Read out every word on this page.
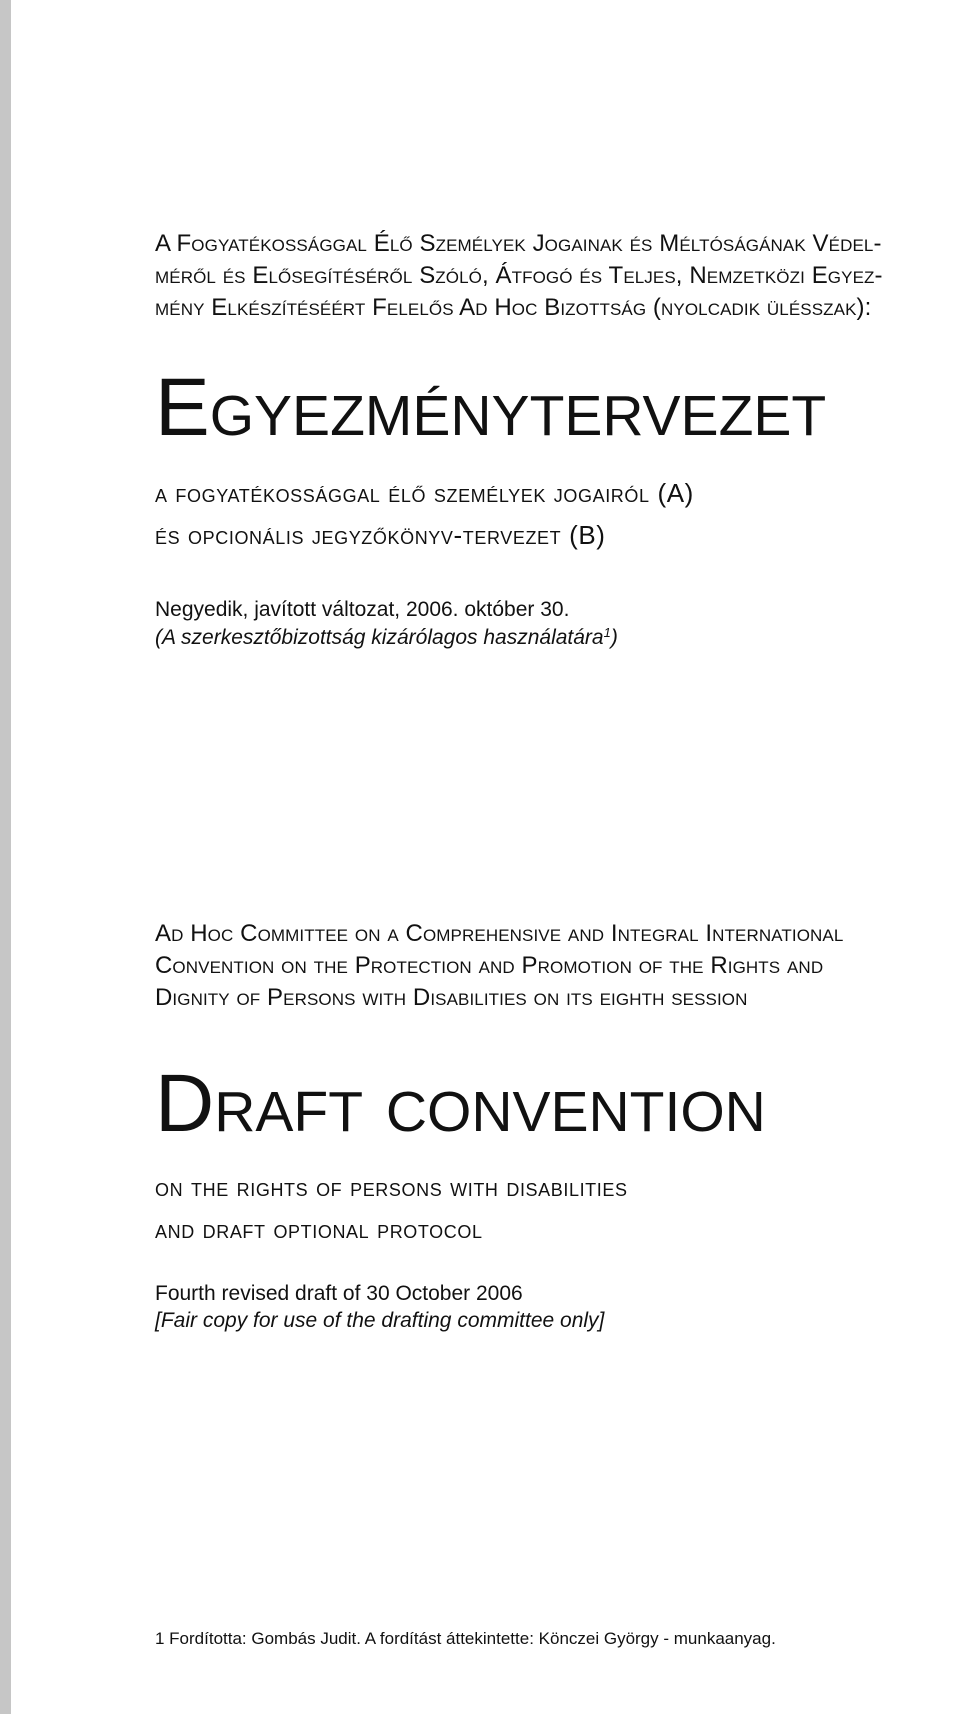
A Fogyatékossággal Élő Személyek Jogainak és Méltóságának Védel-
méről és Elősegítéséről Szóló, Átfogó és Teljes, Nemzetközi Egyez-
mény Elkészítéséért Felelős Ad Hoc Bizottság (nyolcadik ülésszak):
Egyezménytervezet
a fogyatékossággal élő személyek jogairól (A)
és opcionális jegyzőkönyv-tervezet (B)
Negyedik, javított változat, 2006. október 30.
(A szerkesztőbizottság kizárólagos használatára$^1$)
Ad Hoc Committee on a Comprehensive and Integral International
Convention on the Protection and Promotion of the Rights and
Dignity of Persons with Disabilities on its eighth session
Draft convention
on the rights of persons with disabilities
and draft optional protocol
Fourth revised draft of 30 October 2006
[Fair copy for use of the drafting committee only]
1 Fordította: Gombás Judit. A fordítást áttekintette: Könczei György - munkaanyag.
